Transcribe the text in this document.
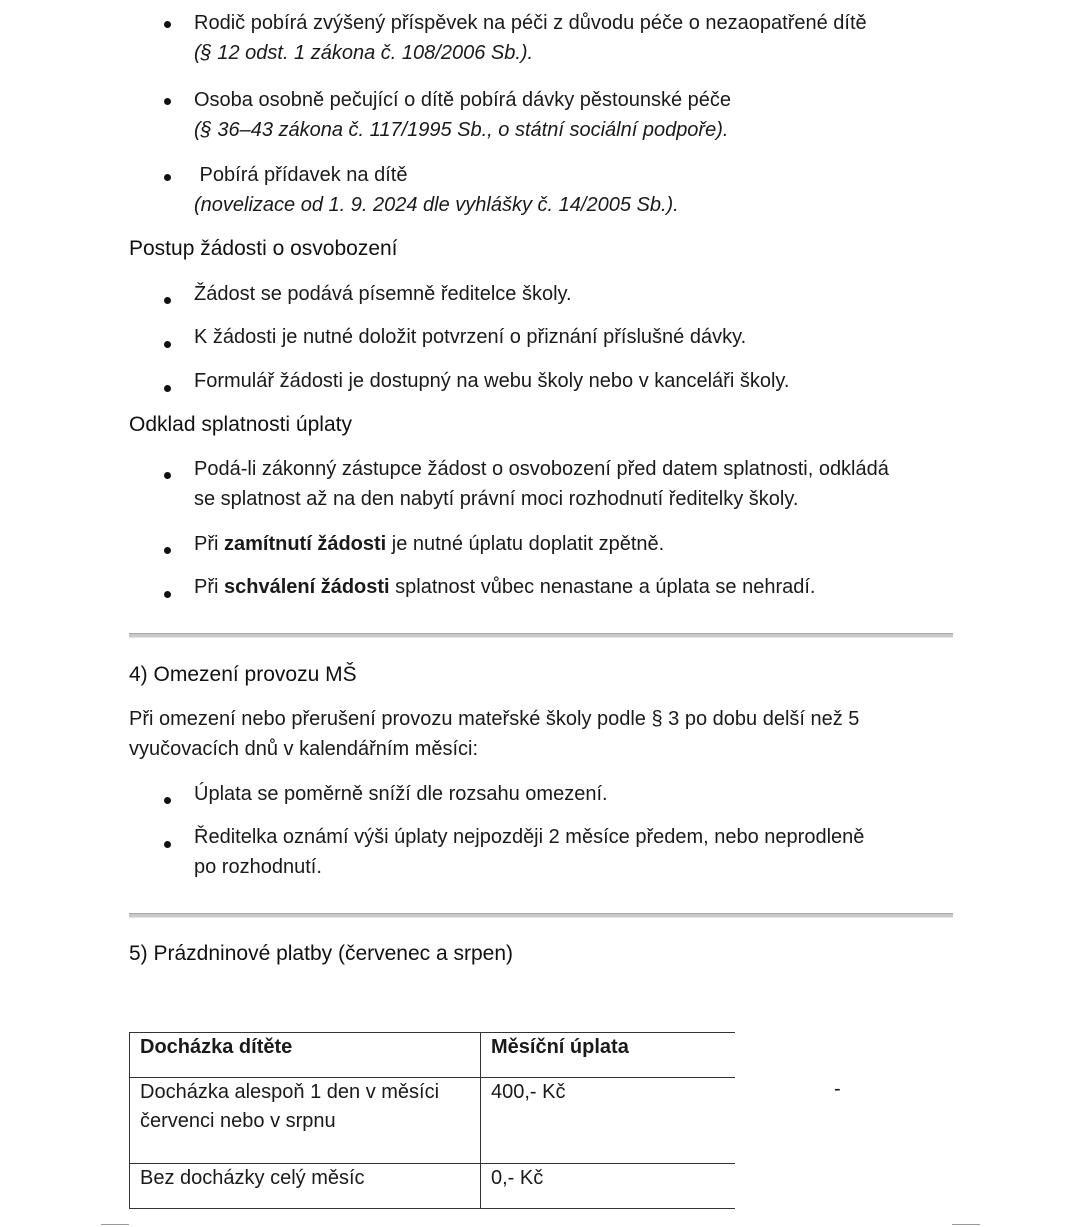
Rodič pobírá zvýšený příspěvek na péči z důvodu péče o nezaopatřené dítě
(§ 12 odst. 1 zákona č. 108/2006 Sb.).
Osoba osobně pečující o dítě pobírá dávky pěstounské péče
(§ 36–43 zákona č. 117/1995 Sb., o státní sociální podpoře).
Pobírá přídavek na dítě
(novelizace od 1. 9. 2024 dle vyhlášky č. 14/2005 Sb.).
Postup žádosti o osvobození
Žádost se podává písemně ředitelce školy.
K žádosti je nutné doložit potvrzení o přiznání příslušné dávky.
Formulář žádosti je dostupný na webu školy nebo v kanceláři školy.
Odklad splatnosti úplaty
Podá-li zákonný zástupce žádost o osvobození před datem splatnosti, odkládá
se splatnost až na den nabytí právní moci rozhodnutí ředitelky školy.
Při zamítnutí žádosti je nutné úplatu doplatit zpětně.
Při schválení žádosti splatnost vůbec nenastane a úplata se nehradí.
4) Omezení provozu MŠ
Při omezení nebo přerušení provozu mateřské školy podle § 3 po dobu delší než 5
vyučovacích dnů v kalendářním měsíci:
Úplata se poměrně sníží dle rozsahu omezení.
Ředitelka oznámí výši úplaty nejpozději 2 měsíce předem, nebo neprodleně
po rozhodnutí.
5) Prázdninové platby (červenec a srpen)
Docházka dítěte	Měsíční úplata

Docházka alespoň 1 den v měsíci
červenci nebo v srpnu	400,- Kč
Bez docházky celý měsíc	0,- Kč
-
